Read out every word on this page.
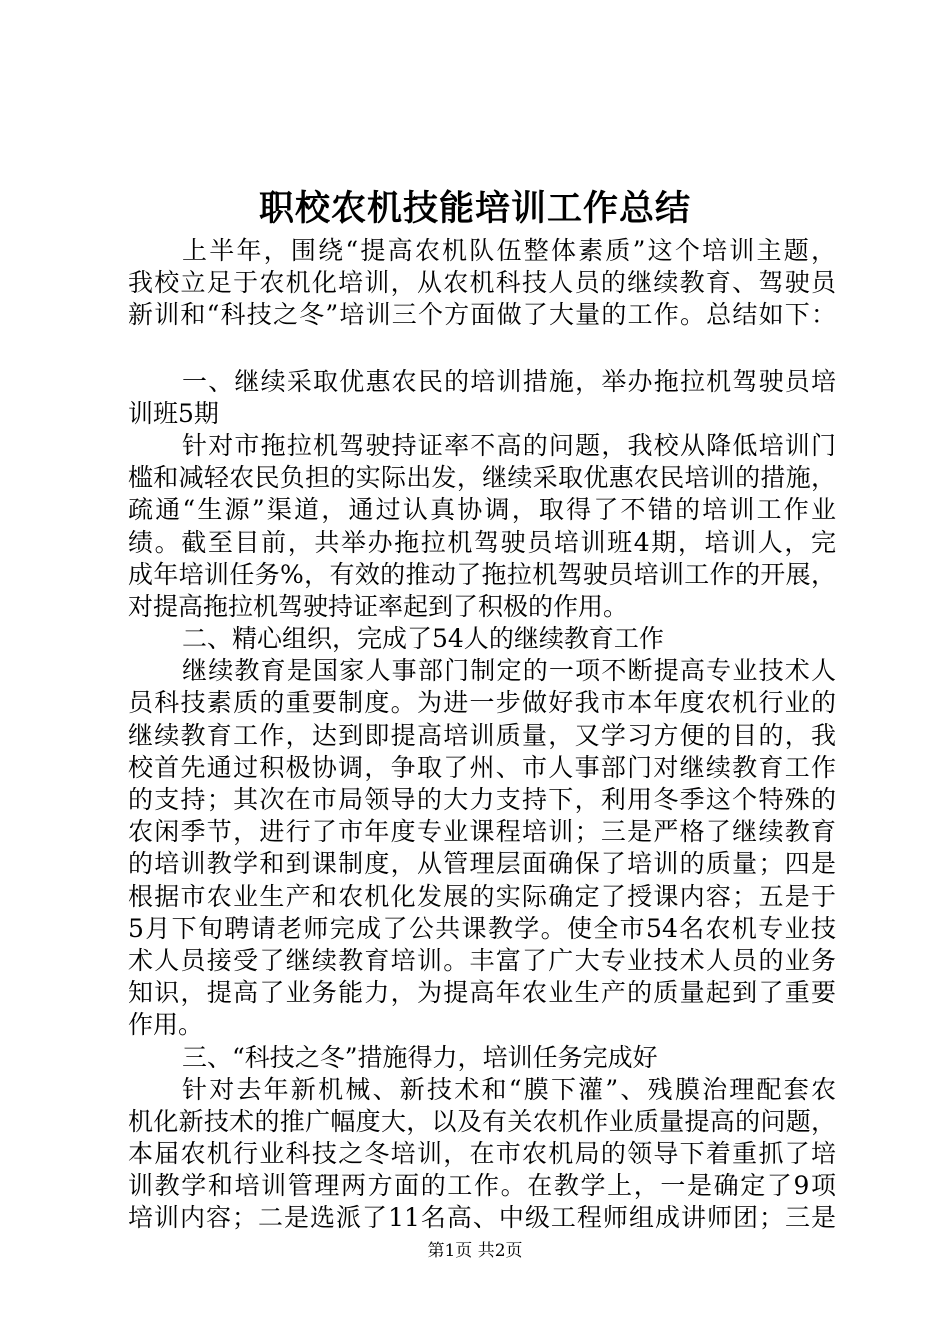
职校农机技能培训工作总结
上半年，围绕“提高农机队伍整体素质”这个培训主题，
我校立足于农机化培训，从农机科技人员的继续教育、驾驶员
新训和“科技之冬”培训三个方面做了大量的工作。总结如下：
一、继续采取优惠农民的培训措施，举办拖拉机驾驶员培
训班5期
针对市拖拉机驾驶持证率不高的问题，我校从降低培训门
槛和减轻农民负担的实际出发，继续采取优惠农民培训的措施，
疏通“生源”渠道，通过认真协调，取得了不错的培训工作业
绩。截至目前，共举办拖拉机驾驶员培训班4期，培训人，完
成年培训任务%，有效的推动了拖拉机驾驶员培训工作的开展，
对提高拖拉机驾驶持证率起到了积极的作用。
二、精心组织，完成了54人的继续教育工作
继续教育是国家人事部门制定的一项不断提高专业技术人
员科技素质的重要制度。为进一步做好我市本年度农机行业的
继续教育工作，达到即提高培训质量，又学习方便的目的，我
校首先通过积极协调，争取了州、市人事部门对继续教育工作
的支持；其次在市局领导的大力支持下，利用冬季这个特殊的
农闲季节，进行了市年度专业课程培训；三是严格了继续教育
的培训教学和到课制度，从管理层面确保了培训的质量；四是
根据市农业生产和农机化发展的实际确定了授课内容；五是于
5月下旬聘请老师完成了公共课教学。使全市54名农机专业技
术人员接受了继续教育培训。丰富了广大专业技术人员的业务
知识，提高了业务能力，为提高年农业生产的质量起到了重要
作用。
三、“科技之冬”措施得力，培训任务完成好
针对去年新机械、新技术和“膜下灌”、残膜治理配套农
机化新技术的推广幅度大，以及有关农机作业质量提高的问题，
本届农机行业科技之冬培训，在市农机局的领导下着重抓了培
训教学和培训管理两方面的工作。在教学上，一是确定了9项
培训内容；二是选派了11名高、中级工程师组成讲师团；三是
第1页 共2页
